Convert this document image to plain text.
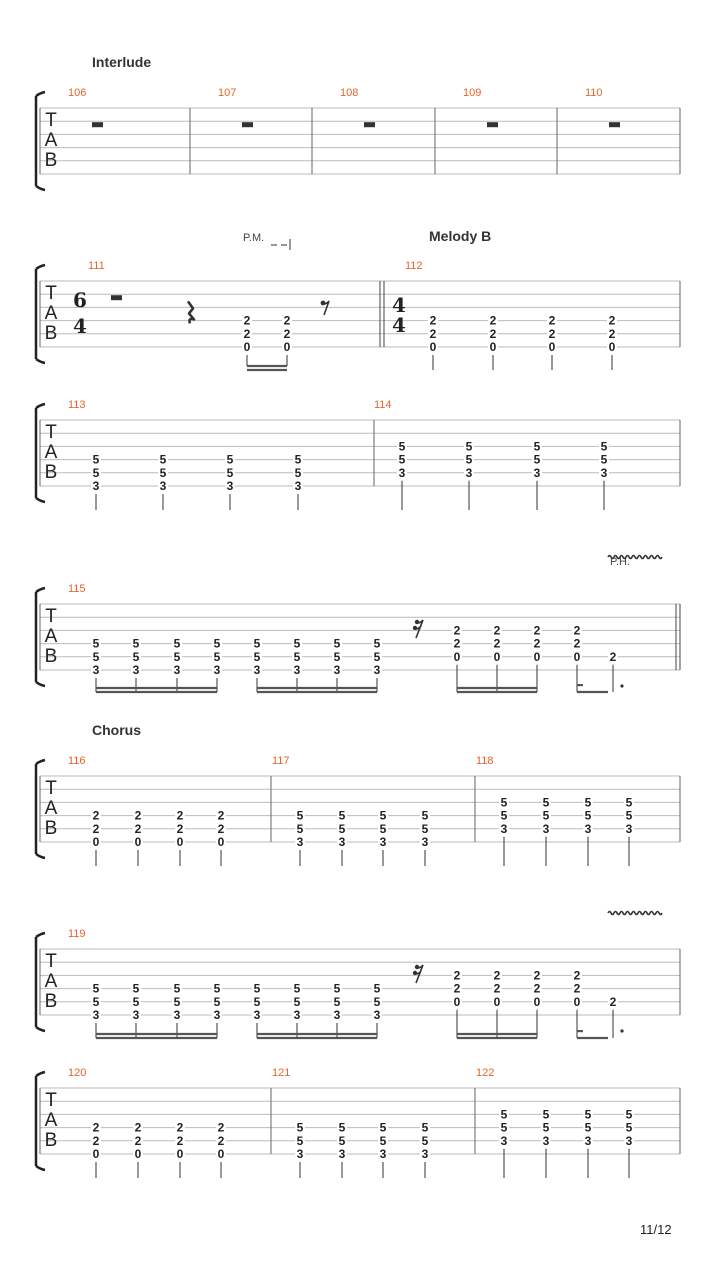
Interlude
T
A
B
106	107	108	109	110
Melody B
P.M.
T
A
B
111
6
4	2
2
0
2
2
0
112
4
4 2
2
0
2
2
0
2
2
0
2
2
0
T
A
B
113
5
5
3
5
5
3
5
5
3
5
5
3
114
5
5
3
5
5
3
5
5
3
5
5
3
T
A
B
115
5
5
3
5
5
3
5
5
3
5
5
3
5
5
3
5
5
3
5
5
3
5
5
3
2
2
0
2
2
0
2
2
0
2
2
0 2
P.H.
Chorus
T
A
B
116
2
2
0
2
2
0
2
2
0
2
2
0
117
5
5
3
5
5
3
5
5
3
5
5
3
118
5
5
3
5
5
3
5
5
3
5
5
3
T
A
B
119
5
5
3
5
5
3
5
5
3
5
5
3
5
5
3
5
5
3
5
5
3
5
5
3
2
2
0
2
2
0
2
2
0
2
2
0 2
T
A
B
120
2
2
0
2
2
0
2
2
0
2
2
0
121
5
5
3
5
5
3
5
5
3
5
5
3
122
5
5
3
5
5
3
5
5
3
5
5
3
11/12
